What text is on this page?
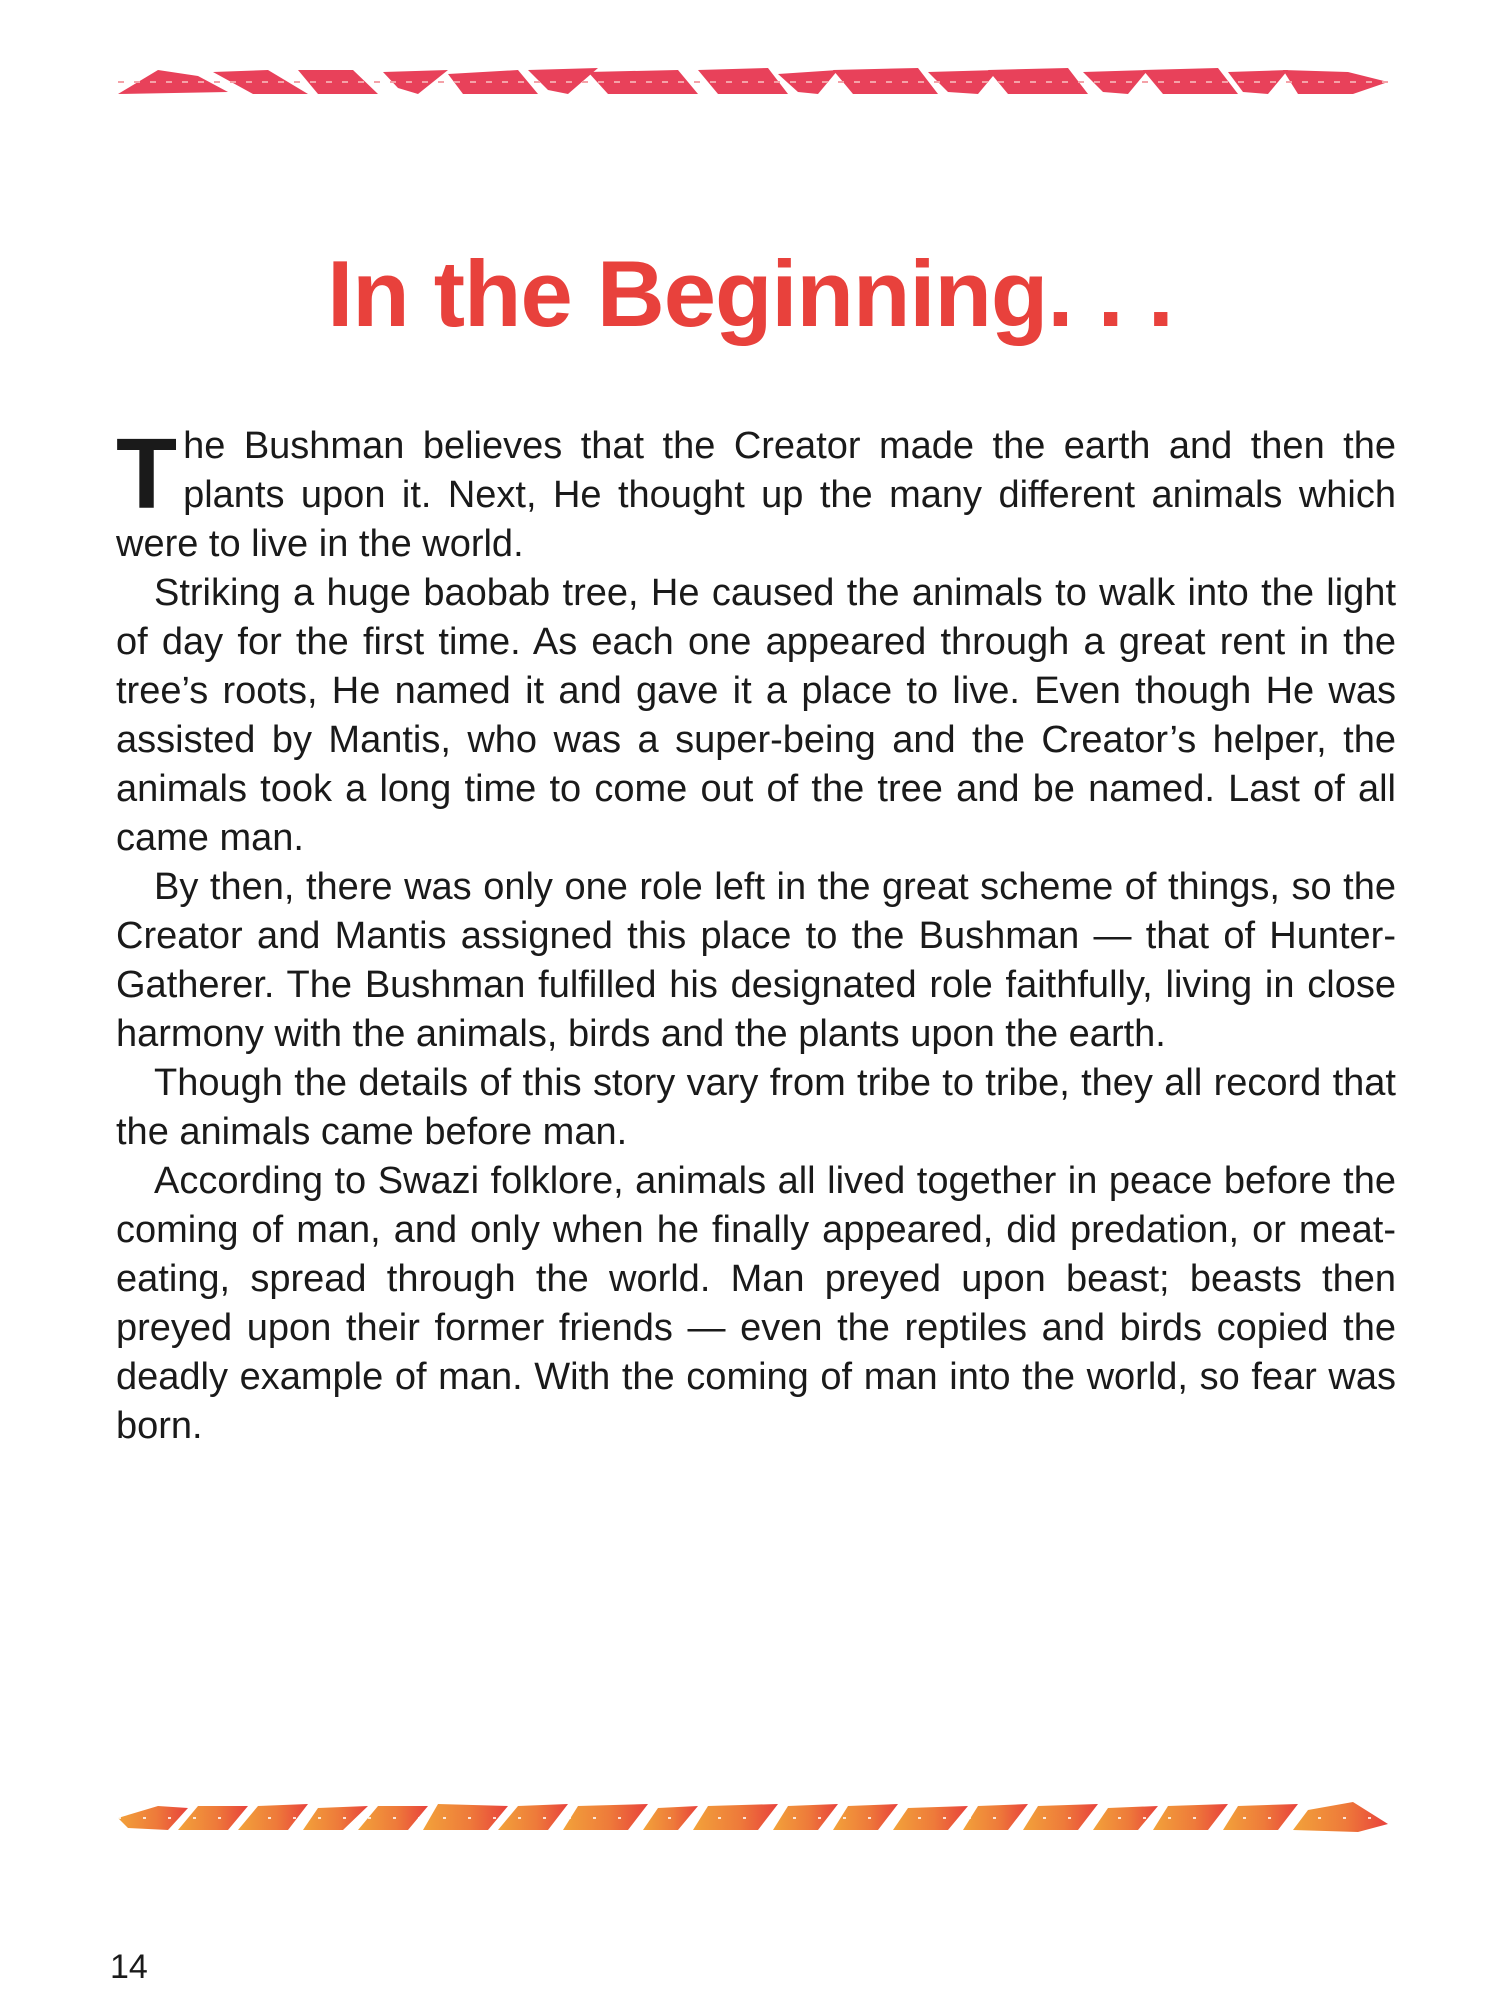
In the Beginning. . .

The Bushman believes that the Creator made the earth and then the plants upon it. Next, He thought up the many different animals which were to live in the world.

Striking a huge baobab tree, He caused the animals to walk into the light of day for the first time. As each one appeared through a great rent in the tree’s roots, He named it and gave it a place to live. Even though He was assisted by Mantis, who was a super-being and the Creator’s helper, the animals took a long time to come out of the tree and be named. Last of all came man.

By then, there was only one role left in the great scheme of things, so the Creator and Mantis assigned this place to the Bushman — that of Hunter-Gatherer. The Bushman fulfilled his designated role faithfully, living in close harmony with the animals, birds and the plants upon the earth.

Though the details of this story vary from tribe to tribe, they all record that the animals came before man.

According to Swazi folklore, animals all lived together in peace before the coming of man, and only when he finally appeared, did predation, or meat-eating, spread through the world. Man preyed upon beast; beasts then preyed upon their former friends — even the reptiles and birds copied the deadly example of man. With the coming of man into the world, so fear was born.

14
